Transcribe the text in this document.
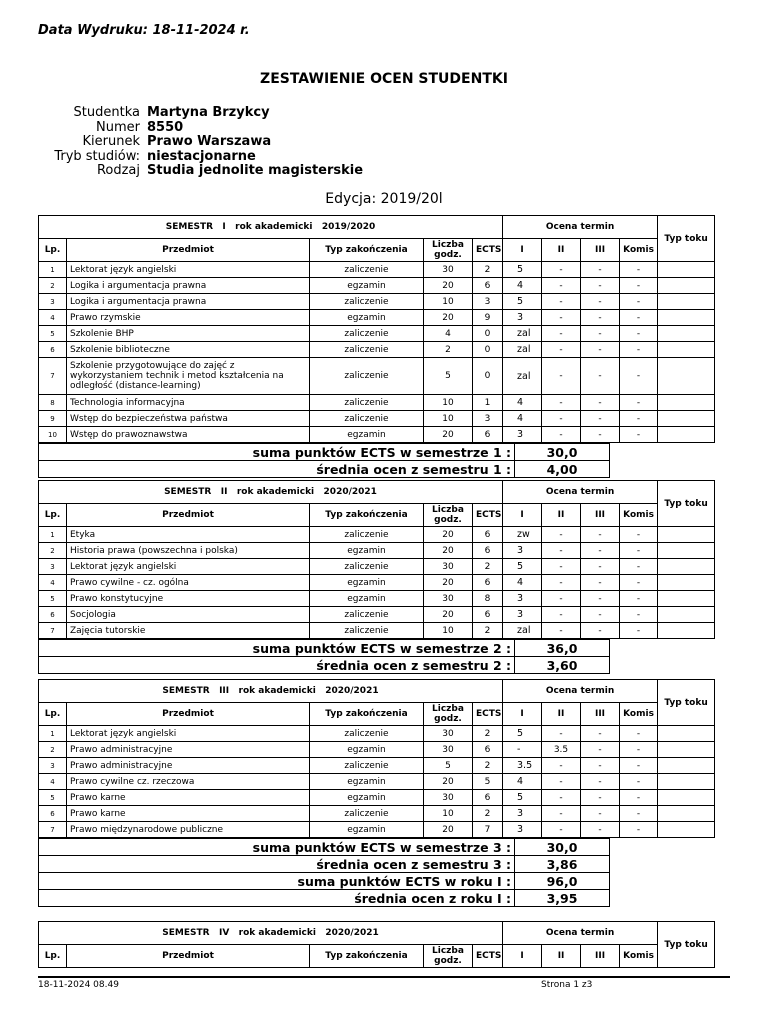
Data Wydruku: 18-11-2024 r.
ZESTAWIENIE OCEN STUDENTKI
Studentka Martyna Brzykcy
Numer 8550
Kierunek Prawo Warszawa
Tryb studiów: niestacjonarne
Rodzaj Studia jednolite magisterskie
Edycja: 2019/20l
SEMESTR   I   rok akademicki   2019/2020					Ocena termin				Typ toku
Lp.	Przedmiot	Typ zakończenia	Liczba godz.	ECTS	I	II	III	Komis	
1	Lektorat język angielski	zaliczenie	30	2	5	-	-	-	
2	Logika i argumentacja prawna	egzamin	20	6	4	-	-	-	
3	Logika i argumentacja prawna	zaliczenie	10	3	5	-	-	-	
4	Prawo rzymskie	egzamin	20	9	3	-	-	-	
5	Szkolenie BHP	zaliczenie	4	0	zal	-	-	-	
6	Szkolenie biblioteczne	zaliczenie	2	0	zal	-	-	-	
7	Szkolenie przygotowujące do zajęć z wykorzystaniem technik i metod kształcenia na odległość (distance-learning)	zaliczenie	5	0	zal	-	-	-	
8	Technologia informacyjna	zaliczenie	10	1	4	-	-	-	
9	Wstęp do bezpieczeństwa państwa	zaliczenie	10	3	4	-	-	-	
10	Wstęp do prawoznawstwa	egzamin	20	6	3	-	-	-	
suma punktów ECTS w semestrze 1 :	30,0
średnia ocen z semestru 1 :	4,00
SEMESTR   II   rok akademicki   2020/2021					Ocena termin				Typ toku
Lp.	Przedmiot	Typ zakończenia	Liczba godz.	ECTS	I	II	III	Komis	
1	Etyka	zaliczenie	20	6	zw	-	-	-	
2	Historia prawa (powszechna i polska)	egzamin	20	6	3	-	-	-	
3	Lektorat język angielski	zaliczenie	30	2	5	-	-	-	
4	Prawo cywilne - cz. ogólna	egzamin	20	6	4	-	-	-	
5	Prawo konstytucyjne	egzamin	30	8	3	-	-	-	
6	Socjologia	zaliczenie	20	6	3	-	-	-	
7	Zajęcia tutorskie	zaliczenie	10	2	zal	-	-	-	
suma punktów ECTS w semestrze 2 :	36,0
średnia ocen z semestru 2 :	3,60
SEMESTR   III   rok akademicki   2020/2021					Ocena termin				Typ toku
Lp.	Przedmiot	Typ zakończenia	Liczba godz.	ECTS	I	II	III	Komis	
1	Lektorat język angielski	zaliczenie	30	2	5	-	-	-	
2	Prawo administracyjne	egzamin	30	6	-	3.5	-	-	
3	Prawo administracyjne	zaliczenie	5	2	3.5	-	-	-	
4	Prawo cywilne cz. rzeczowa	egzamin	20	5	4	-	-	-	
5	Prawo karne	egzamin	30	6	5	-	-	-	
6	Prawo karne	zaliczenie	10	2	3	-	-	-	
7	Prawo międzynarodowe publiczne	egzamin	20	7	3	-	-	-	
suma punktów ECTS w semestrze 3 :	30,0
średnia ocen z semestru 3 :	3,86
suma punktów ECTS w roku I :	96,0
średnia ocen z roku I :	3,95
SEMESTR   IV   rok akademicki   2020/2021					Ocena termin				Typ toku
Lp.	Przedmiot	Typ zakończenia	Liczba godz.	ECTS	I	II	III	Komis	
18-11-2024 08.49	Strona 1 z3
